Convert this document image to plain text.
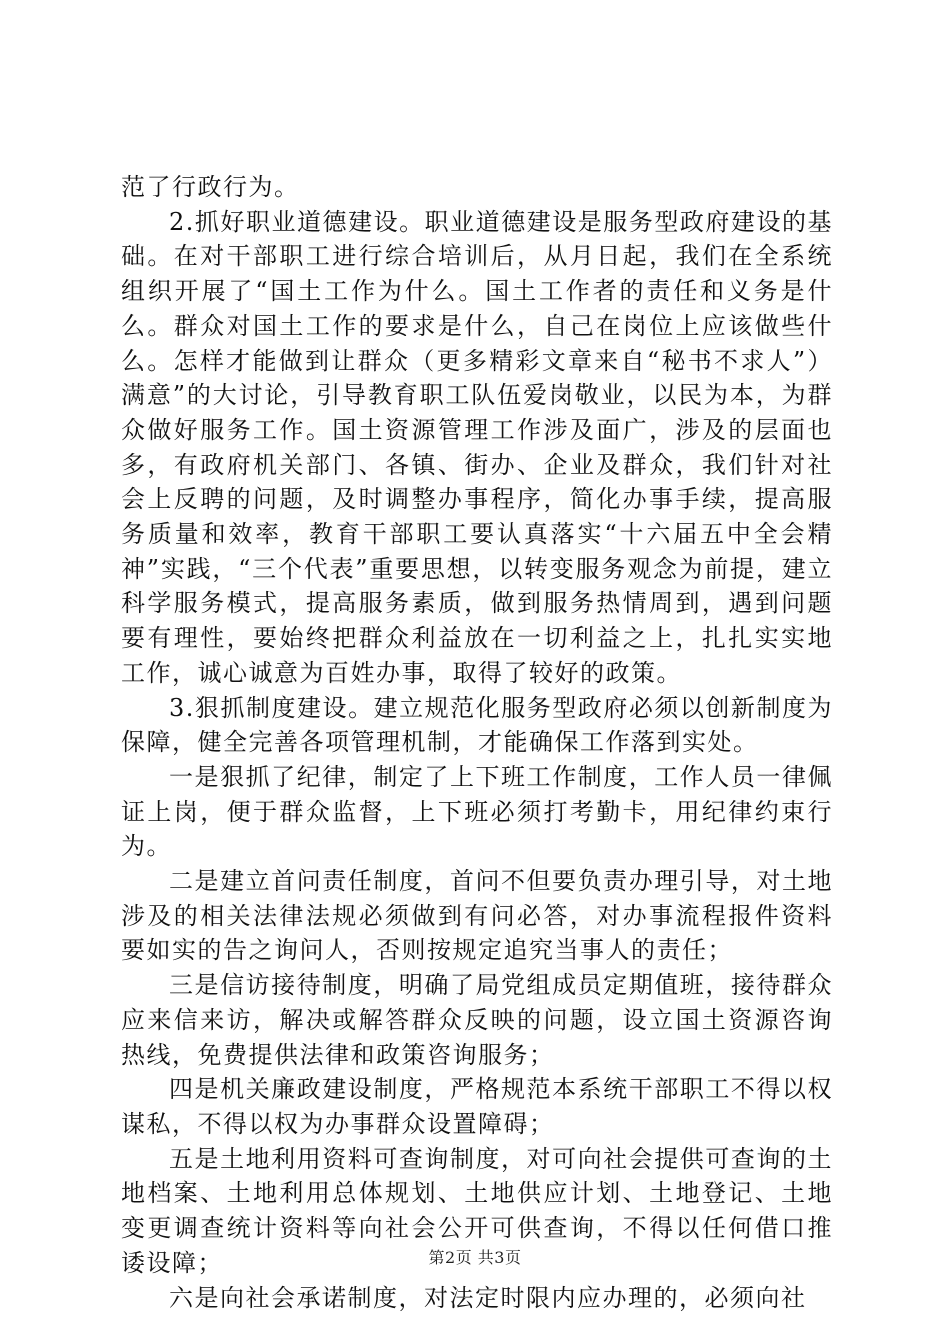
范了行政行为。

2.抓好职业道德建设。职业道德建设是服务型政府建设的基础。在对干部职工进行综合培训后，从月日起，我们在全系统组织开展了“国土工作为什么。国土工作者的责任和义务是什么。群众对国土工作的要求是什么，自己在岗位上应该做些什么。怎样才能做到让群众（更多精彩文章来自“秘书不求人”）满意”的大讨论，引导教育职工队伍爱岗敬业，以民为本，为群众做好服务工作。国土资源管理工作涉及面广，涉及的层面也多，有政府机关部门、各镇、街办、企业及群众，我们针对社会上反聘的问题，及时调整办事程序，简化办事手续，提高服务质量和效率，教育干部职工要认真落实“十六届五中全会精神”实践，“三个代表”重要思想，以转变服务观念为前提，建立科学服务模式，提高服务素质，做到服务热情周到，遇到问题要有理性，要始终把群众利益放在一切利益之上，扎扎实实地工作，诚心诚意为百姓办事，取得了较好的政策。

3.狠抓制度建设。建立规范化服务型政府必须以创新制度为保障，健全完善各项管理机制，才能确保工作落到实处。

一是狠抓了纪律，制定了上下班工作制度，工作人员一律佩证上岗，便于群众监督，上下班必须打考勤卡，用纪律约束行为。

二是建立首问责任制度，首问不但要负责办理引导，对土地涉及的相关法律法规必须做到有问必答，对办事流程报件资料要如实的告之询问人，否则按规定追究当事人的责任；

三是信访接待制度，明确了局党组成员定期值班，接待群众应来信来访，解决或解答群众反映的问题，设立国土资源咨询热线，免费提供法律和政策咨询服务；

四是机关廉政建设制度，严格规范本系统干部职工不得以权谋私，不得以权为办事群众设置障碍；

五是土地利用资料可查询制度，对可向社会提供可查询的土地档案、土地利用总体规划、土地供应计划、土地登记、土地变更调查统计资料等向社会公开可供查询，不得以任何借口推诿设障；

六是向社会承诺制度，对法定时限内应办理的，必须向社

第2页 共3页
